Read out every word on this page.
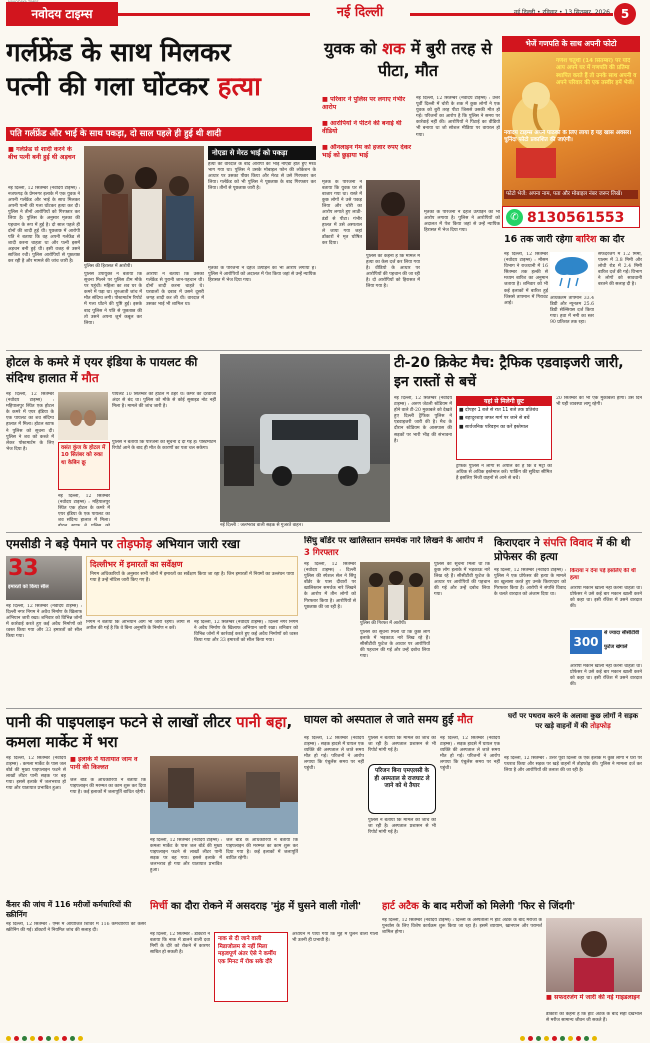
नवोदय टाइम्स	नई दिल्ली	नई दिल्ली • रविवार • 13 सितम्बर, 2026 5
गर्लफ्रेंड के साथ मिलकर
पत्नी की गला घोंटकर हत्या
पति गर्लफ्रेंड और भाई के साथ पकड़ा, दो साल पहले ही हुई थी शादी
■ गर्लफ्रेंड से शादी करने के बीच पत्नी बनी हुई थी अड़चन
नई दिल्ली, 12 सितम्बर (नवोदय टाइम्स) : नजफगढ़ के प्रेमनगर इलाके में एक युवक ने अपनी गर्लफ्रेंड और भाई के साथ मिलकर अपनी पत्नी की गला घोंटकर हत्या कर दी। पुलिस ने तीनों आरोपियों को गिरफ्तार कर लिया है। पुलिस के अनुसार मृतका की पहचान के रूप में हुई है। दो साल पहले ही दोनों की शादी हुई थी। पूछताछ में आरोपी पति ने बताया कि वह अपनी गर्लफ्रेंड से शादी करना चाहता था और पत्नी इसमें अड़चन बनी हुई थी। इसी वजह से उसने साजिश रची। पुलिस आरोपियों से पूछताछ कर रही है और मामले की जांच जारी है।
नोएडा से मेरठ भाई को पकड़ा
हत्या की वारदात के बाद आरोपी का भाई नोएडा होते हुए मेरठ भाग गया था। पुलिस ने उसके मोबाइल फोन की लोकेशन के आधार पर उसका पीछा किया और मेरठ से उसे गिरफ्तार कर लिया। गर्लफ्रेंड को भी पुलिस ने पूछताछ के बाद गिरफ्तार कर लिया। तीनों से पूछताछ जारी है।
पुलिस की हिरासत में आरोपी।
पुलिस उपायुक्त ने बताया कि सूचना मिलने पर पुलिस टीम मौके पर पहुंची। महिला का शव घर के कमरे में पड़ा था। शुरुआती जांच में मौत संदिग्ध लगी। पोस्टमार्टम रिपोर्ट में गला घोंटने की पुष्टि हुई। इसके बाद पुलिस ने पति से पूछताछ की तो उसने अपना जुर्म कबूल कर लिया।
आरोपी ने बताया कि उसकी गर्लफ्रेंड से पुरानी जान-पहचान थी। दोनों शादी करना चाहते थे। घरवालों के दबाव में उसने दूसरी जगह शादी कर ली थी। वारदात में उसका भाई भी शामिल था।
मृतका के परिजनों ने दहेज उत्पीड़न का भी आरोप लगाया है। पुलिस ने आरोपियों को अदालत में पेश किया जहां से उन्हें न्यायिक हिरासत में भेज दिया गया।
युवक को शक में बुरी तरह से पीटा, मौत
■ परिवार ने पुलिस पर लगाए गंभीर आरोप
■ आरोपियों ने पीटने की बनाई थी वीडियो
■ ऑनलाइन गेम को हजार रुपए देकर भाई को छुड़ाया भाई
नई दिल्ली, 12 सितम्बर (नवोदय टाइम्स) : उत्तर पूर्वी दिल्ली में चोरी के शक में कुछ लोगों ने एक युवक को बुरी तरह पीटा जिससे उसकी मौत हो गई। परिजनों का आरोप है कि पुलिस ने समय पर कार्रवाई नहीं की। आरोपियों ने पिटाई का वीडियो भी बनाया था जो सोशल मीडिया पर वायरल हो गया।
मृतक के परिजनों ने बताया कि युवक घर से बाजार गया था। रास्ते में कुछ लोगों ने उसे पकड़ लिया और चोरी का आरोप लगाते हुए लाठी-डंडों से पीटा। गंभीर हालत में उसे अस्पताल ले जाया गया जहां डॉक्टरों ने मृत घोषित कर दिया।
पुलिस का कहना है कि मामले में हत्या का केस दर्ज कर लिया गया है। वीडियो के आधार पर आरोपियों की पहचान की जा रही है। दो आरोपियों को हिरासत में लिया गया है।
मृतका के परिजनों ने दहेज उत्पीड़न का भी आरोप लगाया है। पुलिस ने आरोपियों को अदालत में पेश किया जहां से उन्हें न्यायिक हिरासत में भेज दिया गया।
भेजें गणपति के साथ अपनी फोटो
गणेश चतुर्थी (14 सितम्बर) पर यदि आप अपने घर में गणपति की प्रतिमा स्थापित करते हैं तो उनके साथ अपनी व अपने परिवार की एक तस्वीर हमें भेजें।
नवोदय टाइम्स अपने पाठकों के लिए लाया है यह खास अवसर। चुनिंदा फोटो प्रकाशित की जाएंगी।
फोटो भेजें: अपना नाम, पता और मोबाइल नंबर जरूर लिखें।
✆ 8130561553
16 तक जारी रहेगा बारिश का दौर
नई दिल्ली, 12 सितम्बर (नवोदय टाइम्स) : मौसम विभाग ने राजधानी में 16 सितम्बर तक हल्की से मध्यम बारिश का अनुमान जताया है। शनिवार को भी कई इलाकों में बारिश हुई जिससे तापमान में गिरावट आई।
अधिकतम तापमान 33.4 डिग्री और न्यूनतम 25.6 डिग्री सेल्सियस दर्ज किया गया। हवा में नमी का स्तर 90 प्रतिशत तक रहा।
सफदरजंग में 1.2 मिमी, पालम में 3.8 मिमी और लोधी रोड में 2.4 मिमी बारिश दर्ज की गई। विभाग ने लोगों को सावधानी बरतने की सलाह दी है।
होटल के कमरे में एयर इंडिया के पायलट की संदिग्ध हालात में मौत
नई दिल्ली, 12 सितम्बर (नवोदय टाइम्स) : महिपालपुर स्थित एक होटल के कमरे में एयर इंडिया के एक पायलट का शव संदिग्ध हालात में मिला। होटल स्टाफ ने पुलिस को सूचना दी। पुलिस ने शव को कब्जे में लेकर पोस्टमार्टम के लिए भेज दिया है।
पायलट 10 सितम्बर को होटल में ठहरे थे। कमरे का दरवाजा अंदर से बंद था। पुलिस को मौके से कोई सुसाइड नोट नहीं मिला है। मामले की जांच जारी है।
पुलिस ने बताया कि परिजनों को सूचना दे दी गई है। पोस्टमार्टम रिपोर्ट आने के बाद ही मौत के कारणों का पता चल सकेगा।
वसंत कुंज के होटल में 10 सितंबर को रुका था केबिन क्रू
नई दिल्ली, 12 सितम्बर (नवोदय टाइम्स) : महिपालपुर स्थित एक होटल के कमरे में एयर इंडिया के एक पायलट का शव संदिग्ध हालात में मिला।
नई दिल्ली : जलभराव वाली सड़क से गुजरते वाहन।
टी-20 क्रिकेट मैच: ट्रैफिक एडवाइजरी जारी, इन रास्तों से बचें
नई दिल्ली, 12 सितम्बर (नवोदय टाइम्स) : अरुण जेटली स्टेडियम में होने वाले टी-20 मुकाबले को देखते हुए दिल्ली ट्रैफिक पुलिस ने एडवाइजरी जारी की है। मैच के दौरान स्टेडियम के आसपास की सड़कों पर भारी भीड़ की संभावना है।
यहां से मिलेगी छूट
■ दोपहर 1 बजे से रात 11 बजे तक प्रतिबंध
■ बहादुरशाह जफर मार्ग पर जाने से बचें
■ सार्वजनिक परिवहन का करें इस्तेमाल
ट्रैफिक पुलिस ने लोगों से अपील की है कि वे मेट्रो का अधिक से अधिक इस्तेमाल करें। पार्किंग की सुविधा सीमित है इसलिए निजी वाहनों से आने से बचें।
20 सितम्बर को भी एक मुकाबला होगा। उस दिन भी यही व्यवस्था लागू रहेगी।
एमसीडी ने बड़े पैमाने पर तोड़फोड़ अभियान जारी रखा
33
इमारतों को किया सील
नई दिल्ली, 12 सितम्बर (नवोदय टाइम्स) : दिल्ली नगर निगम ने अवैध निर्माण के खिलाफ अभियान जारी रखा। शनिवार को विभिन्न जोनों में कार्रवाई करते हुए कई अवैध निर्माणों को ध्वस्त किया गया और 33 इमारतों को सील किया गया।
दिल्लीभर में इमारतों का सर्वेक्षण
निगम अधिकारियों के अनुसार सभी जोनों में इमारतों का सर्वेक्षण किया जा रहा है। जिन इमारतों में नियमों का उल्लंघन पाया गया है उन्हें नोटिस जारी किए गए हैं।
निगम ने बताया कि अभियान आगे भी जारी रहेगा। लोगों से अपील की गई है कि वे बिना अनुमति के निर्माण न करें।
नई दिल्ली, 12 सितम्बर (नवोदय टाइम्स) : दिल्ली नगर निगम ने अवैध निर्माण के खिलाफ अभियान जारी रखा। शनिवार को विभिन्न जोनों में कार्रवाई करते हुए कई अवैध निर्माणों को ध्वस्त किया गया और 33 इमारतों को सील किया गया।
सिंघु बॉर्डर पर खालिस्तान समर्थक नारे लिखने के आरोप में 3 गिरफ्तार
नई दिल्ली, 12 सितम्बर (नवोदय टाइम्स) : दिल्ली पुलिस की स्पेशल सेल ने सिंघु बॉर्डर के पास दीवारों पर खालिस्तान समर्थक नारे लिखने के आरोप में तीन लोगों को गिरफ्तार किया है। आरोपियों से पूछताछ की जा रही है।
पुलिस की गिरफ्त में आरोपी।
पुलिस को सूचना मिली थी कि कुछ लोग इलाके में भड़काऊ नारे लिख रहे हैं। सीसीटीवी फुटेज के आधार पर आरोपियों की पहचान की गई और उन्हें दबोच लिया गया।
पुलिस को सूचना मिली थी कि कुछ लोग इलाके में भड़काऊ नारे लिख रहे हैं। सीसीटीवी फुटेज के आधार पर आरोपियों की पहचान की गई और उन्हें दबोच लिया गया।
किराएदार ने संपत्ति विवाद में की थी प्रोफेसर की हत्या
नई दिल्ली, 12 सितम्बर (नवोदय टाइम्स) : पुलिस ने एक प्रोफेसर की हत्या के मामले का खुलासा करते हुए उनके किराएदार को गिरफ्तार किया है। आरोपी ने संपत्ति विवाद के चलते वारदात को अंजाम दिया था।
किराया न देना पड़े इसलिए की थी हत्या
आरोपी मकान खाली नहीं करना चाहता था। प्रोफेसर ने उसे कई बार मकान खाली करने को कहा था। इसी रंजिश में उसने वारदात की।
300
से ज्यादा सीसीटीवी
फुटेज खंगालें
आरोपी मकान खाली नहीं करना चाहता था। प्रोफेसर ने उसे कई बार मकान खाली करने को कहा था। इसी रंजिश में उसने वारदात की।
पानी की पाइपलाइन फटने से लाखों लीटर पानी बहा, कमला मार्केट में भरा
नई दिल्ली, 12 सितम्बर (नवोदय टाइम्स) : कमला मार्केट के पास जल बोर्ड की मुख्य पाइपलाइन फटने से लाखों लीटर पानी सड़क पर बह गया। इससे इलाके में जलभराव हो गया और यातायात प्रभावित हुआ।
■ इलाके में यातायात जाम व पानी की किल्लत
जल बोर्ड के अधिकारियों ने बताया कि पाइपलाइन की मरम्मत का काम शुरू कर दिया गया है। कई इलाकों में जलापूर्ति बाधित रहेगी।
नई दिल्ली, 12 सितम्बर (नवोदय टाइम्स) : कमला मार्केट के पास जल बोर्ड की मुख्य पाइपलाइन फटने से लाखों लीटर पानी सड़क पर बह गया। इससे इलाके में जलभराव हो गया और यातायात प्रभावित हुआ।
जल बोर्ड के अधिकारियों ने बताया कि पाइपलाइन की मरम्मत का काम शुरू कर दिया गया है। कई इलाकों में जलापूर्ति बाधित रहेगी।
कैंसर की जांच में 116 मरीजों कर्मचारियों की स्क्रीनिंग
नई दिल्ली, 12 सितम्बर : एम्स में आयोजित शिविर में 116 कर्मचारियों की कैंसर स्क्रीनिंग की गई। डॉक्टरों ने नियमित जांच की सलाह दी।
घायल को अस्पताल ले जाते समय हुई मौत
नई दिल्ली, 12 सितम्बर (नवोदय टाइम्स) : सड़क हादसे में घायल एक व्यक्ति की अस्पताल ले जाते समय मौत हो गई। परिजनों ने आरोप लगाया कि एंबुलेंस समय पर नहीं पहुंची।	परिजन बिना एमएलसी के ही अस्पताल से राजघाट ले जाने को थे तैयार
पुलिस ने बताया कि मामले की जांच की जा रही है। अस्पताल प्रशासन से भी रिपोर्ट मांगी गई है।
पुलिस ने बताया कि मामले की जांच की जा रही है। अस्पताल प्रशासन से भी रिपोर्ट मांगी गई है।
नई दिल्ली, 12 सितम्बर (नवोदय टाइम्स) : सड़क हादसे में घायल एक व्यक्ति की अस्पताल ले जाते समय मौत हो गई। परिजनों ने आरोप लगाया कि एंबुलेंस समय पर नहीं पहुंची।
घरों पर पथराव करने के अलावा कुछ लोगों ने सड़क पर खड़े वाहनों में की तोड़फोड़
नई दिल्ली, 12 सितम्बर : उत्तर पूर्वी दिल्ली के एक इलाके में कुछ लोगों ने घरों पर पथराव किया और सड़क पर खड़े वाहनों में तोड़फोड़ की। पुलिस ने मामला दर्ज कर लिया है और आरोपियों की तलाश की जा रही है।
मिर्ची का दौरा रोकने में असदराइ 'मुंह में घुसने वाली गोली'
नई दिल्ली, 12 सितम्बर : डॉक्टरों ने बताया कि नाक में डालने वाली दवा मिर्गी के दौरे को रोकने में कारगर साबित हो सकती है।
नाक से दी जाने वाली मिडाजोलम से नहीं मिला महत्वपूर्ण अंतर ऐसे ने कर्मीय एक मिनट में रोक सके दौरे
अध्ययन में पाया गया कि मुंह में घुलने वाली गोली भी उतनी ही प्रभावी है।
हार्ट अटैक के बाद मरीजों को मिलेगी 'फिर से जिंदगी'
नई दिल्ली, 12 सितम्बर (नवोदय टाइम्स) : दिल्ली के अस्पतालों में हार्ट अटैक के बाद मरीजों के पुनर्वास के लिए विशेष कार्यक्रम शुरू किया जा रहा है। इसमें व्यायाम, खानपान और परामर्श शामिल होगा।
■ सफदरजंग में जारी की नई गाइडलाइन
डॉक्टरों का कहना है कि हार्ट अटैक के बाद सही देखभाल से मरीज सामान्य जीवन जी सकते हैं।
